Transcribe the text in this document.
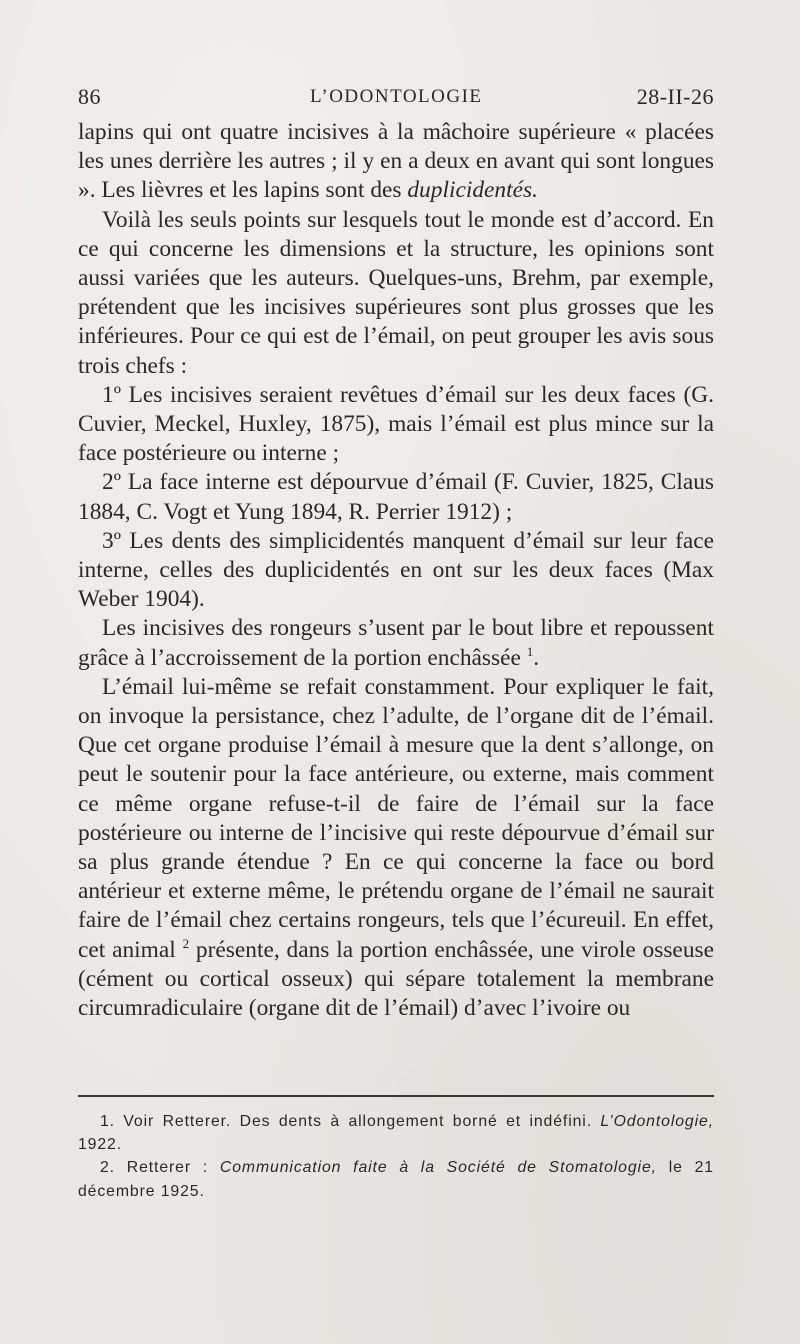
86	L’ODONTOLOGIE	28-II-26

lapins qui ont quatre incisives à la mâchoire supérieure « placées les unes derrière les autres ; il y en a deux en avant qui sont longues ». Les lièvres et les lapins sont des duplicidentés.

Voilà les seuls points sur lesquels tout le monde est d’accord. En ce qui concerne les dimensions et la structure, les opinions sont aussi variées que les auteurs. Quelques-uns, Brehm, par exemple, prétendent que les incisives supérieures sont plus grosses que les inférieures. Pour ce qui est de l’émail, on peut grouper les avis sous trois chefs :

1º Les incisives seraient revêtues d’émail sur les deux faces (G. Cuvier, Meckel, Huxley, 1875), mais l’émail est plus mince sur la face postérieure ou interne ;

2º La face interne est dépourvue d’émail (F. Cuvier, 1825, Claus 1884, C. Vogt et Yung 1894, R. Perrier 1912) ;

3º Les dents des simplicidentés manquent d’émail sur leur face interne, celles des duplicidentés en ont sur les deux faces (Max Weber 1904).

Les incisives des rongeurs s’usent par le bout libre et repoussent grâce à l’accroissement de la portion enchâssée $^1$.

L’émail lui-même se refait constamment. Pour expliquer le fait, on invoque la persistance, chez l’adulte, de l’organe dit de l’émail. Que cet organe produise l’émail à mesure que la dent s’allonge, on peut le soutenir pour la face antérieure, ou externe, mais comment ce même organe refuse-t-il de faire de l’émail sur la face postérieure ou interne de l’incisive qui reste dépourvue d’émail sur sa plus grande étendue ? En ce qui concerne la face ou bord antérieur et externe même, le prétendu organe de l’émail ne saurait faire de l’émail chez certains rongeurs, tels que l’écureuil. En effet, cet animal $^2$ présente, dans la portion enchâssée, une virole osseuse (cément ou cortical osseux) qui sépare totalement la membrane circumradiculaire (organe dit de l’émail) d’avec l’ivoire ou

1. Voir Retterer. Des dents à allongement borné et indéfini. L’Odontologie, 1922.

2. Retterer : Communication faite à la Société de Stomatologie, le 21 décembre 1925.
